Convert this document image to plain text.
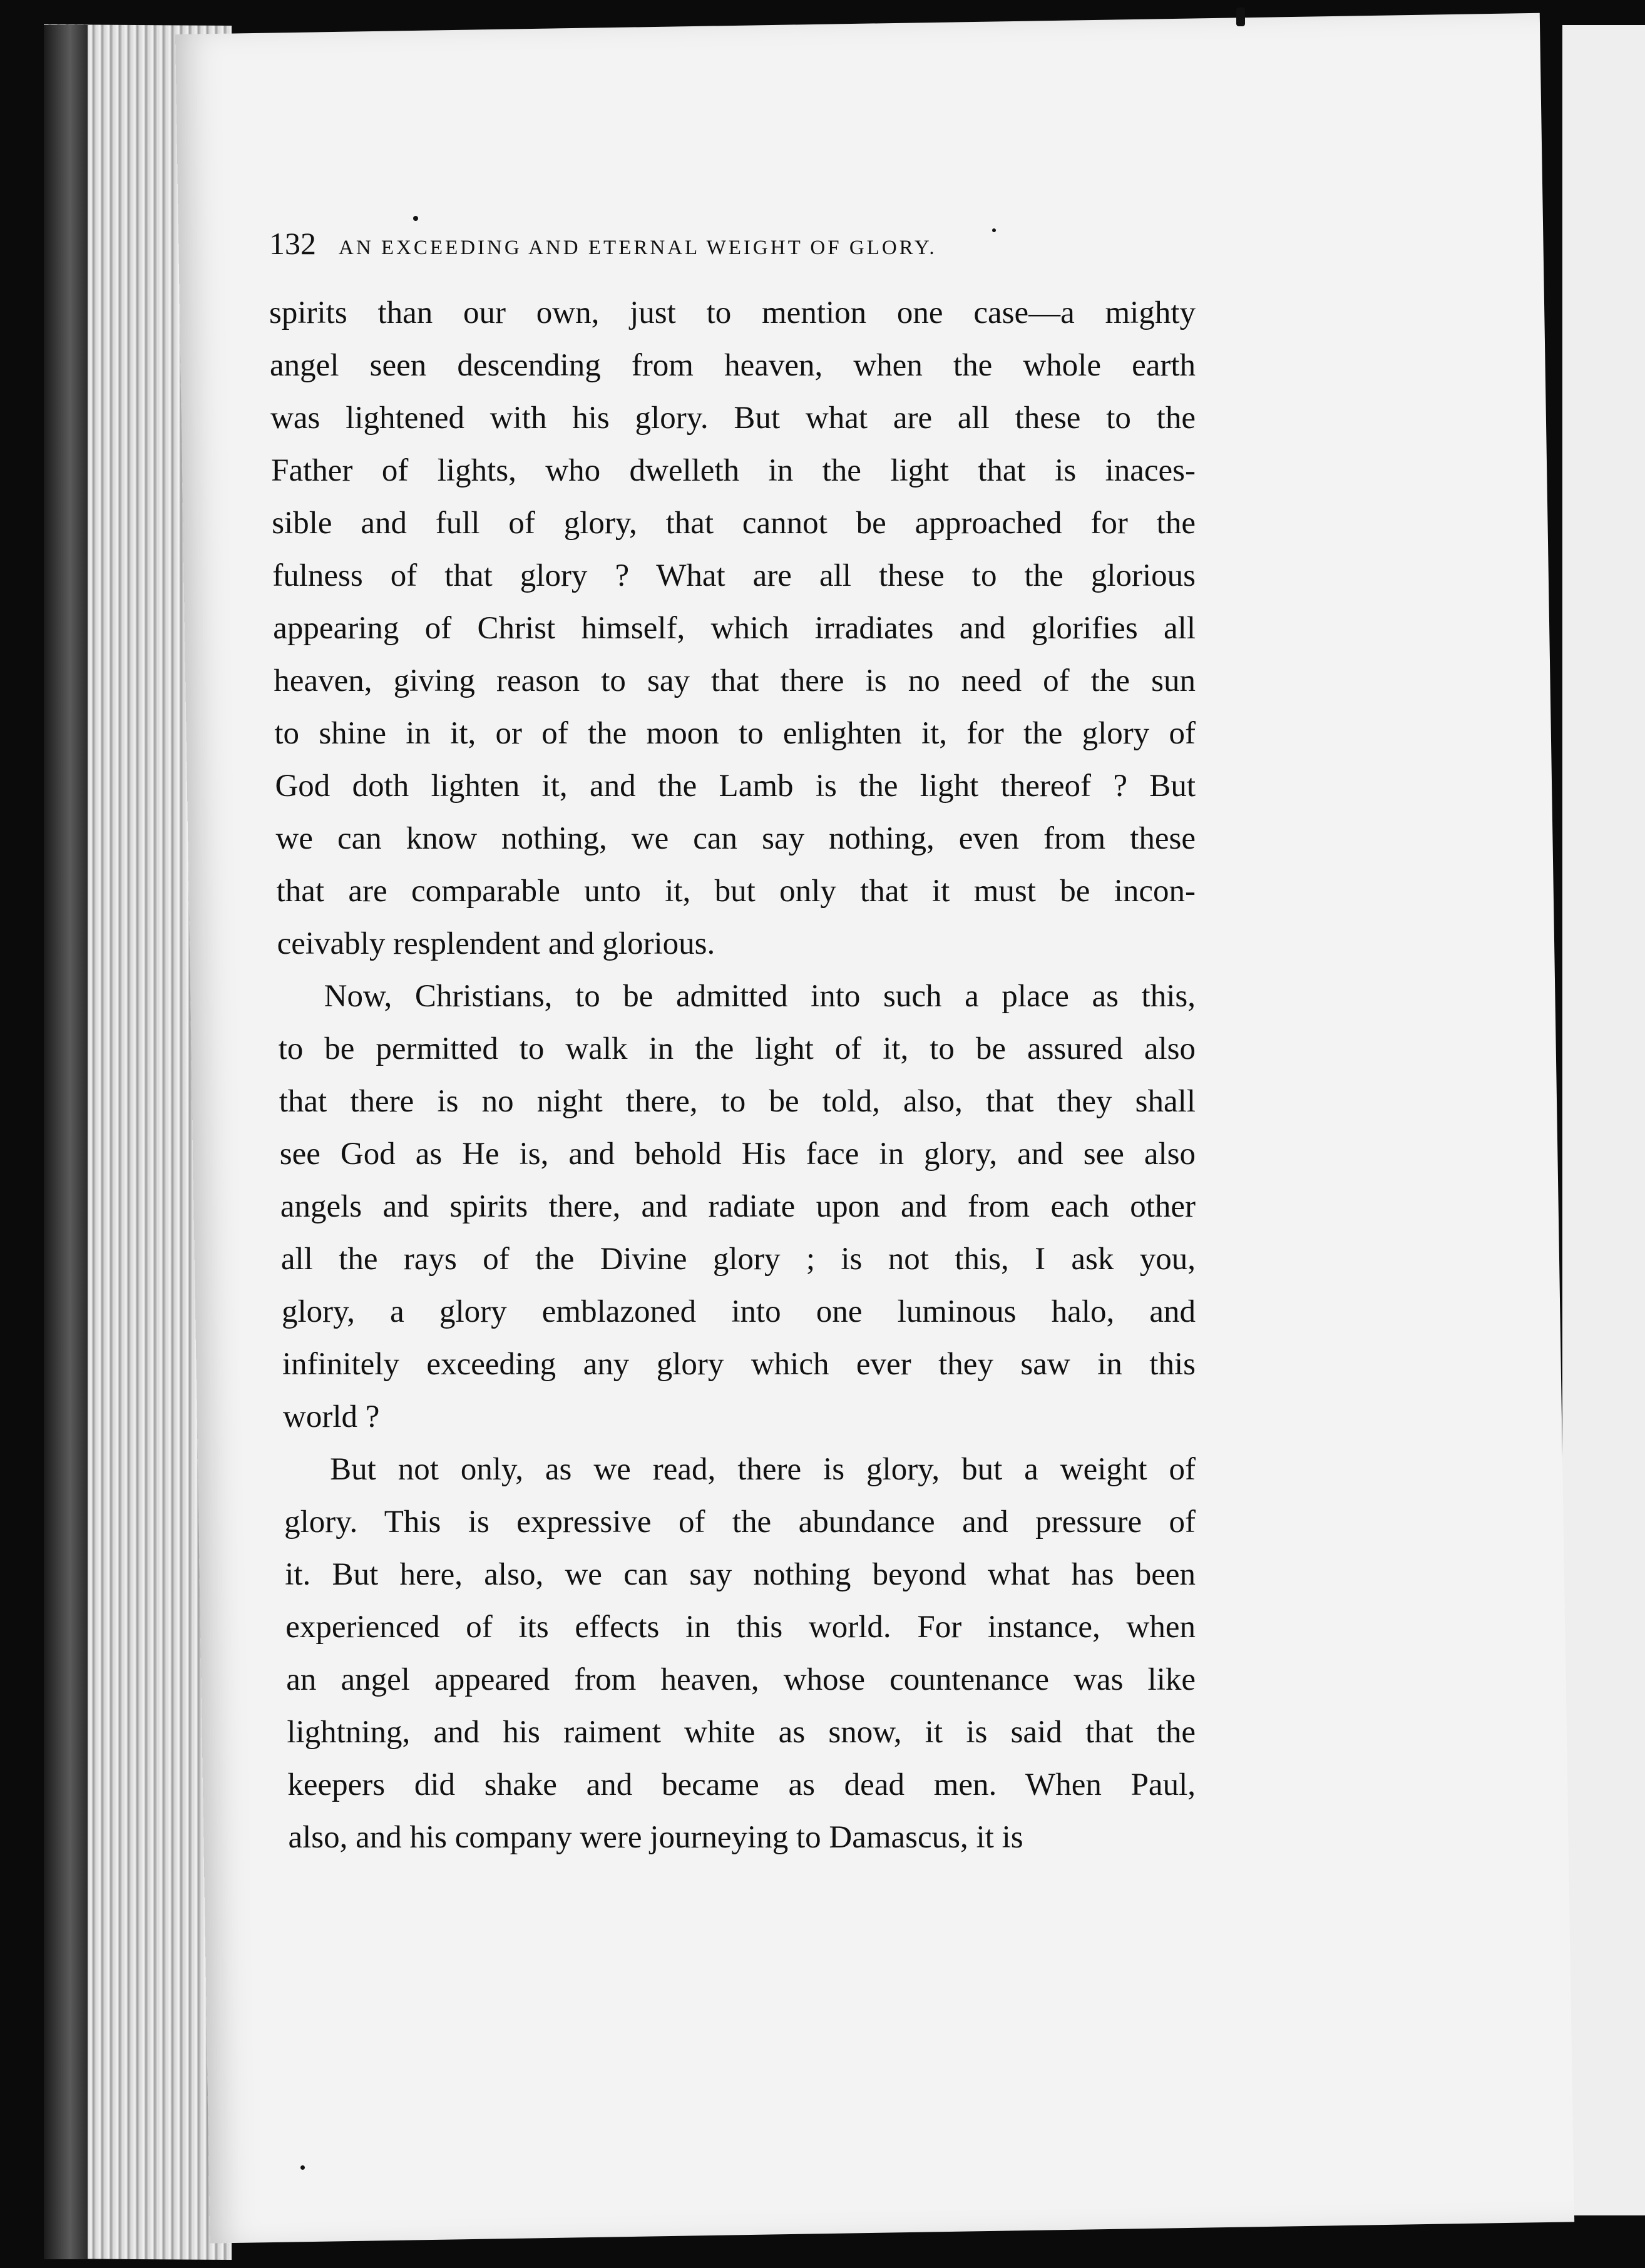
132 AN EXCEEDING AND ETERNAL WEIGHT OF GLORY.
spirits than our own, just to mention one case—a mighty
angel seen descending from heaven, when the whole earth
was lightened with his glory. But what are all these to the
Father of lights, who dwelleth in the light that is inaces-
sible and full of glory, that cannot be approached for the
fulness of that glory ? What are all these to the glorious
appearing of Christ himself, which irradiates and glorifies all
heaven, giving reason to say that there is no need of the sun
to shine in it, or of the moon to enlighten it, for the glory of
God doth lighten it, and the Lamb is the light thereof ? But
we can know nothing, we can say nothing, even from these
that are comparable unto it, but only that it must be incon-
ceivably resplendent and glorious.
Now, Christians, to be admitted into such a place as this,
to be permitted to walk in the light of it, to be assured also
that there is no night there, to be told, also, that they shall
see God as He is, and behold His face in glory, and see also
angels and spirits there, and radiate upon and from each other
all the rays of the Divine glory ; is not this, I ask you,
glory, a glory emblazoned into one luminous halo, and
infinitely exceeding any glory which ever they saw in this
world ?
But not only, as we read, there is glory, but a weight of
glory. This is expressive of the abundance and pressure of
it. But here, also, we can say nothing beyond what has been
experienced of its effects in this world. For instance, when
an angel appeared from heaven, whose countenance was like
lightning, and his raiment white as snow, it is said that the
keepers did shake and became as dead men. When Paul,
also, and his company were journeying to Damascus, it is
